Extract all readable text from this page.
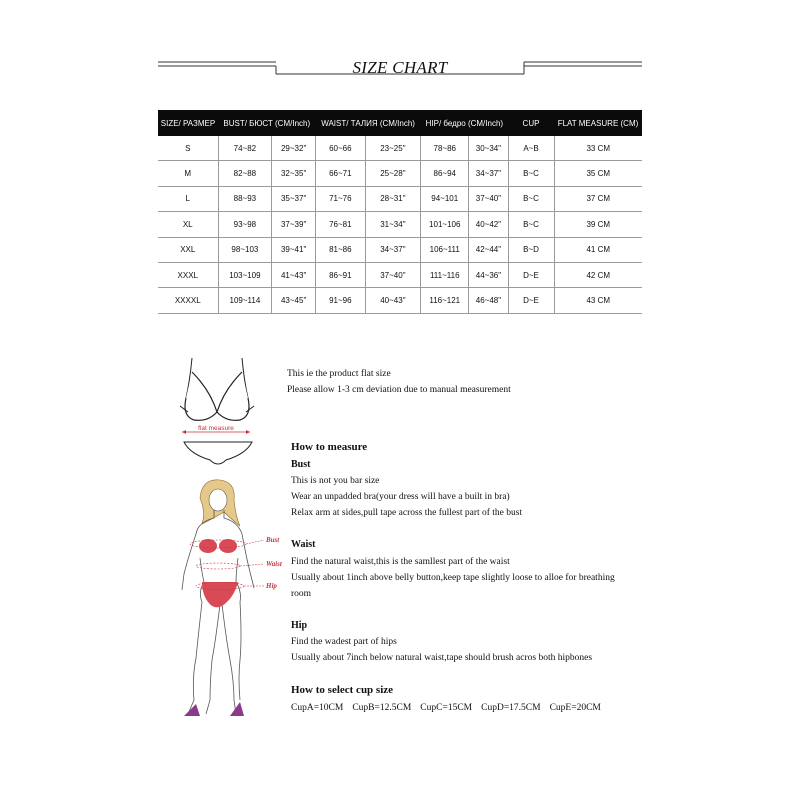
SIZE CHART
SIZE/ РАЗМЕР	BUST/ БЮСТ (CM/Inch)		WAIST/ ТАЛИЯ (CM/Inch)		HIP/ бедро (CM/Inch)		CUP	FLAT MEASURE (CM)
S	74~82	29~32"	60~66	23~25"	78~86	30~34"	A~B	33 CM
M	82~88	32~35"	66~71	25~28"	86~94	34~37"	B~C	35 CM
L	88~93	35~37"	71~76	28~31"	94~101	37~40"	B~C	37 CM
XL	93~98	37~39"	76~81	31~34"	101~106	40~42"	B~C	39 CM
XXL	98~103	39~41"	81~86	34~37"	106~111	42~44"	B~D	41 CM
XXXL	103~109	41~43"	86~91	37~40"	111~116	44~36"	D~E	42 CM
XXXXL	109~114	43~45"	91~96	40~43"	116~121	46~48"	D~E	43 CM
flat measure
Bust
Waist
Hip
This ie the product flat size
Please allow 1-3 cm deviation due to manual measurement
How to measure
Bust
This is not you bar size
Wear an unpadded bra(your dress will have a built in bra)
Relax arm at sides,pull tape across the fullest part of the bust
Waist
Find the natural waist,this is the samllest part of the waist
Usually about 1inch above belly button,keep tape slightly loose to alloe for breathing
room
Hip
Find the wadest part of hips
Usually about 7inch below natural waist,tape should brush acros both hipbones
How to select cup size
CupA=10CM CupB=12.5CM CupC=15CM CupD=17.5CM CupE=20CM
